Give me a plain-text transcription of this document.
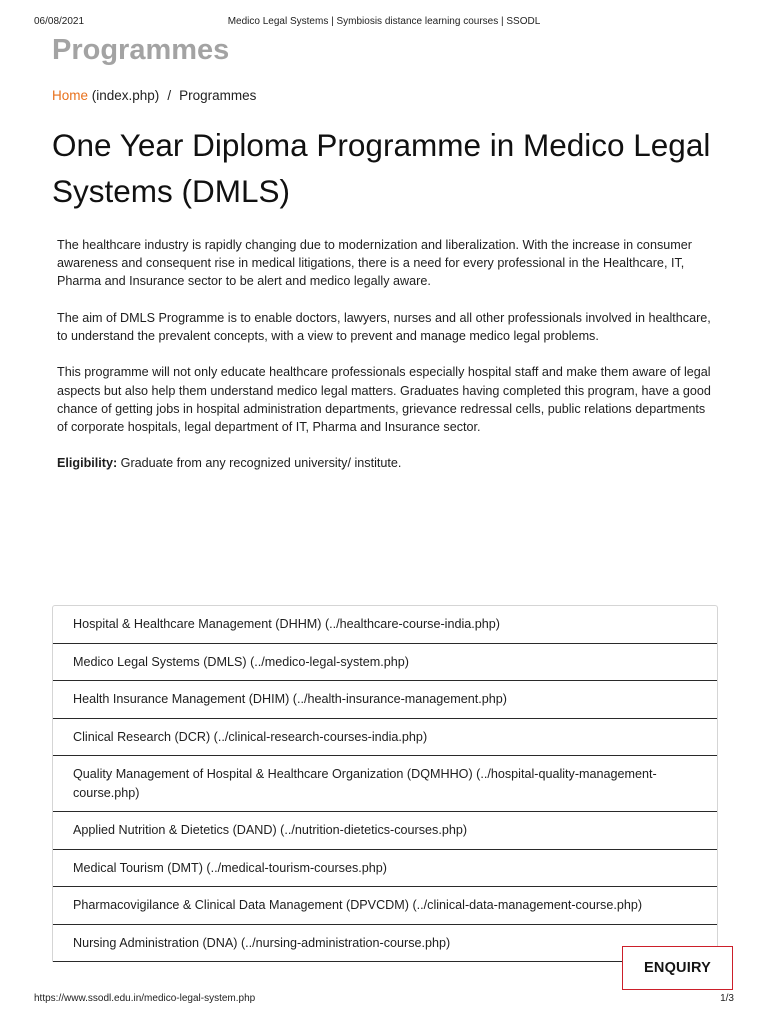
06/08/2021	Medico Legal Systems | Symbiosis distance learning courses | SSODL
Programmes
Home (index.php) / Programmes
One Year Diploma Programme in Medico Legal Systems (DMLS)

The healthcare industry is rapidly changing due to modernization and liberalization. With the increase in consumer awareness and consequent rise in medical litigations, there is a need for every professional in the Healthcare, IT, Pharma and Insurance sector to be alert and medico legally aware.

The aim of DMLS Programme is to enable doctors, lawyers, nurses and all other professionals involved in healthcare, to understand the prevalent concepts, with a view to prevent and manage medico legal problems.

This programme will not only educate healthcare professionals especially hospital staff and make them aware of legal aspects but also help them understand medico legal matters. Graduates having completed this program, have a good chance of getting jobs in hospital administration departments, grievance redressal cells, public relations departments of corporate hospitals, legal department of IT, Pharma and Insurance sector.

Eligibility: Graduate from any recognized university/ institute.

Hospital & Healthcare Management (DHHM) (../healthcare-course-india.php)
Medico Legal Systems (DMLS) (../medico-legal-system.php)
Health Insurance Management (DHIM) (../health-insurance-management.php)
Clinical Research (DCR) (../clinical-research-courses-india.php)
Quality Management of Hospital & Healthcare Organization (DQMHHO) (../hospital-quality-management-course.php)
Applied Nutrition & Dietetics (DAND) (../nutrition-dietetics-courses.php)
Medical Tourism (DMT) (../medical-tourism-courses.php)
Pharmacovigilance & Clinical Data Management (DPVCDM) (../clinical-data-management-course.php)
Nursing Administration (DNA) (../nursing-administration-course.php)
ENQUIRY
https://www.ssodl.edu.in/medico-legal-system.php	1/3
